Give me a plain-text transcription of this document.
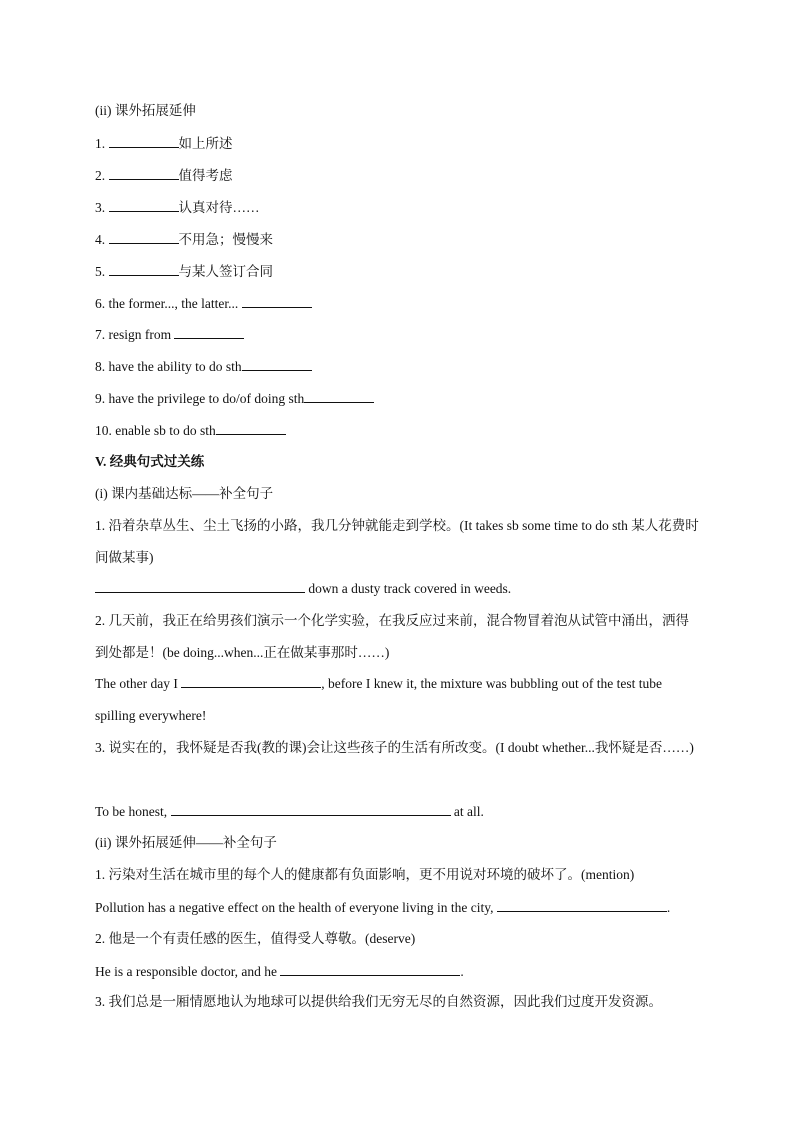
(ii) 课外拓展延伸
1.	如上所述
2.	值得考虑
3.	认真对待……
4.	不用急；慢慢来
5.	与某人签订合同
6. the former..., the latter...
7. resign from
8. have the ability to do sth
9. have the privilege to do/of doing sth
10. enable sb to do sth
V. 经典句式过关练
(i) 课内基础达标——补全句子
1. 沿着杂草丛生、尘土飞扬的小路，我几分钟就能走到学校。(It takes sb some time to do sth 某人花费时间做某事)
down a dusty track covered in weeds.
2. 几天前，我正在给男孩们演示一个化学实验，在我反应过来前，混合物冒着泡从试管中涌出，洒得到处都是！(be doing...when...正在做某事那时……)
The other day I	, before I knew it, the mixture was bubbling out of the test tube spilling everywhere!
3. 说实在的，我怀疑是否我(教的课)会让这些孩子的生活有所改变。(I doubt whether...我怀疑是否……)
To be honest,	at all.
(ii) 课外拓展延伸——补全句子
1. 污染对生活在城市里的每个人的健康都有负面影响，更不用说对环境的破坏了。(mention)
Pollution has a negative effect on the health of everyone living in the city,	.
2. 他是一个有责任感的医生，值得受人尊敬。(deserve)
He is a responsible doctor, and he	.
3. 我们总是一厢情愿地认为地球可以提供给我们无穷无尽的自然资源，因此我们过度开发资源。
